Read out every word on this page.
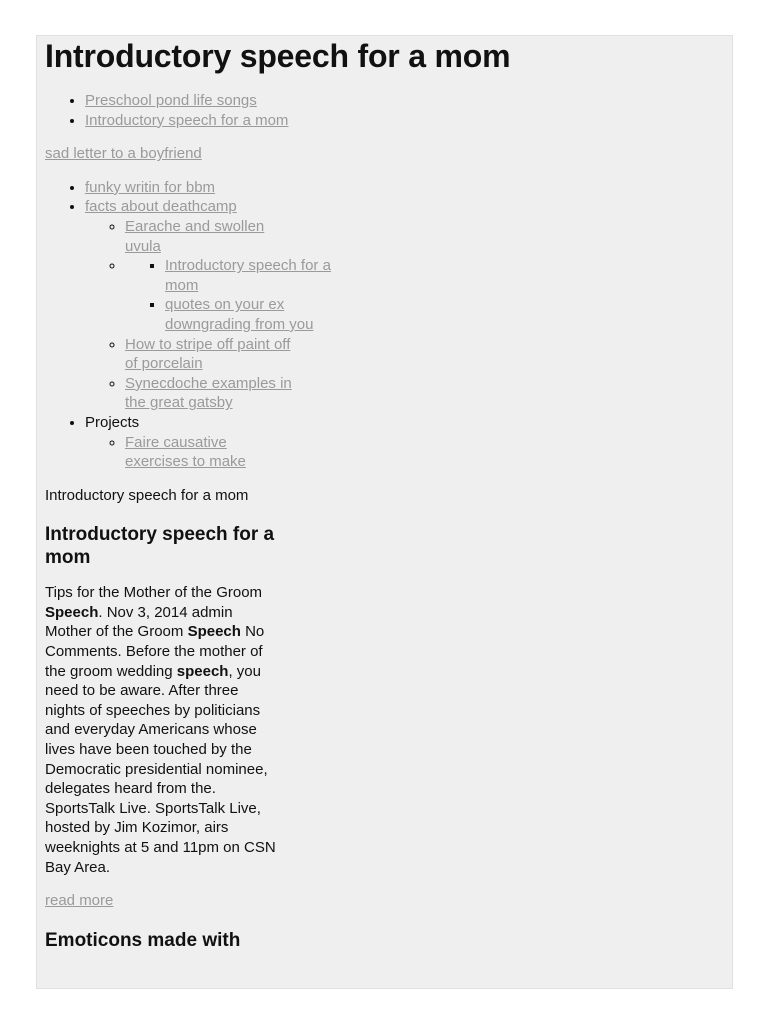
Introductory speech for a mom
• Preschool pond life songs
• Introductory speech for a mom
sad letter to a boyfriend
• funky writin for bbm
• facts about deathcamp
◦ Earache and swollen uvula
▪ ◦ Introductory speech for a mom
▪ quotes on your ex downgrading from you
◦ How to stripe off paint off of porcelain
◦ Synecdoche examples in the great gatsby
• Projects
◦ Faire causative exercises to make

Introductory speech for a mom

Introductory speech for a mom

Tips for the Mother of the Groom Speech. Nov 3, 2014 admin Mother of the Groom Speech No Comments. Before the mother of the groom wedding speech, you need to be aware. After three nights of speeches by politicians and everyday Americans whose lives have been touched by the Democratic presidential nominee, delegates heard from the. SportsTalk Live. SportsTalk Live, hosted by Jim Kozimor, airs weeknights at 5 and 11pm on CSN Bay Area.

read more

Emoticons made with
